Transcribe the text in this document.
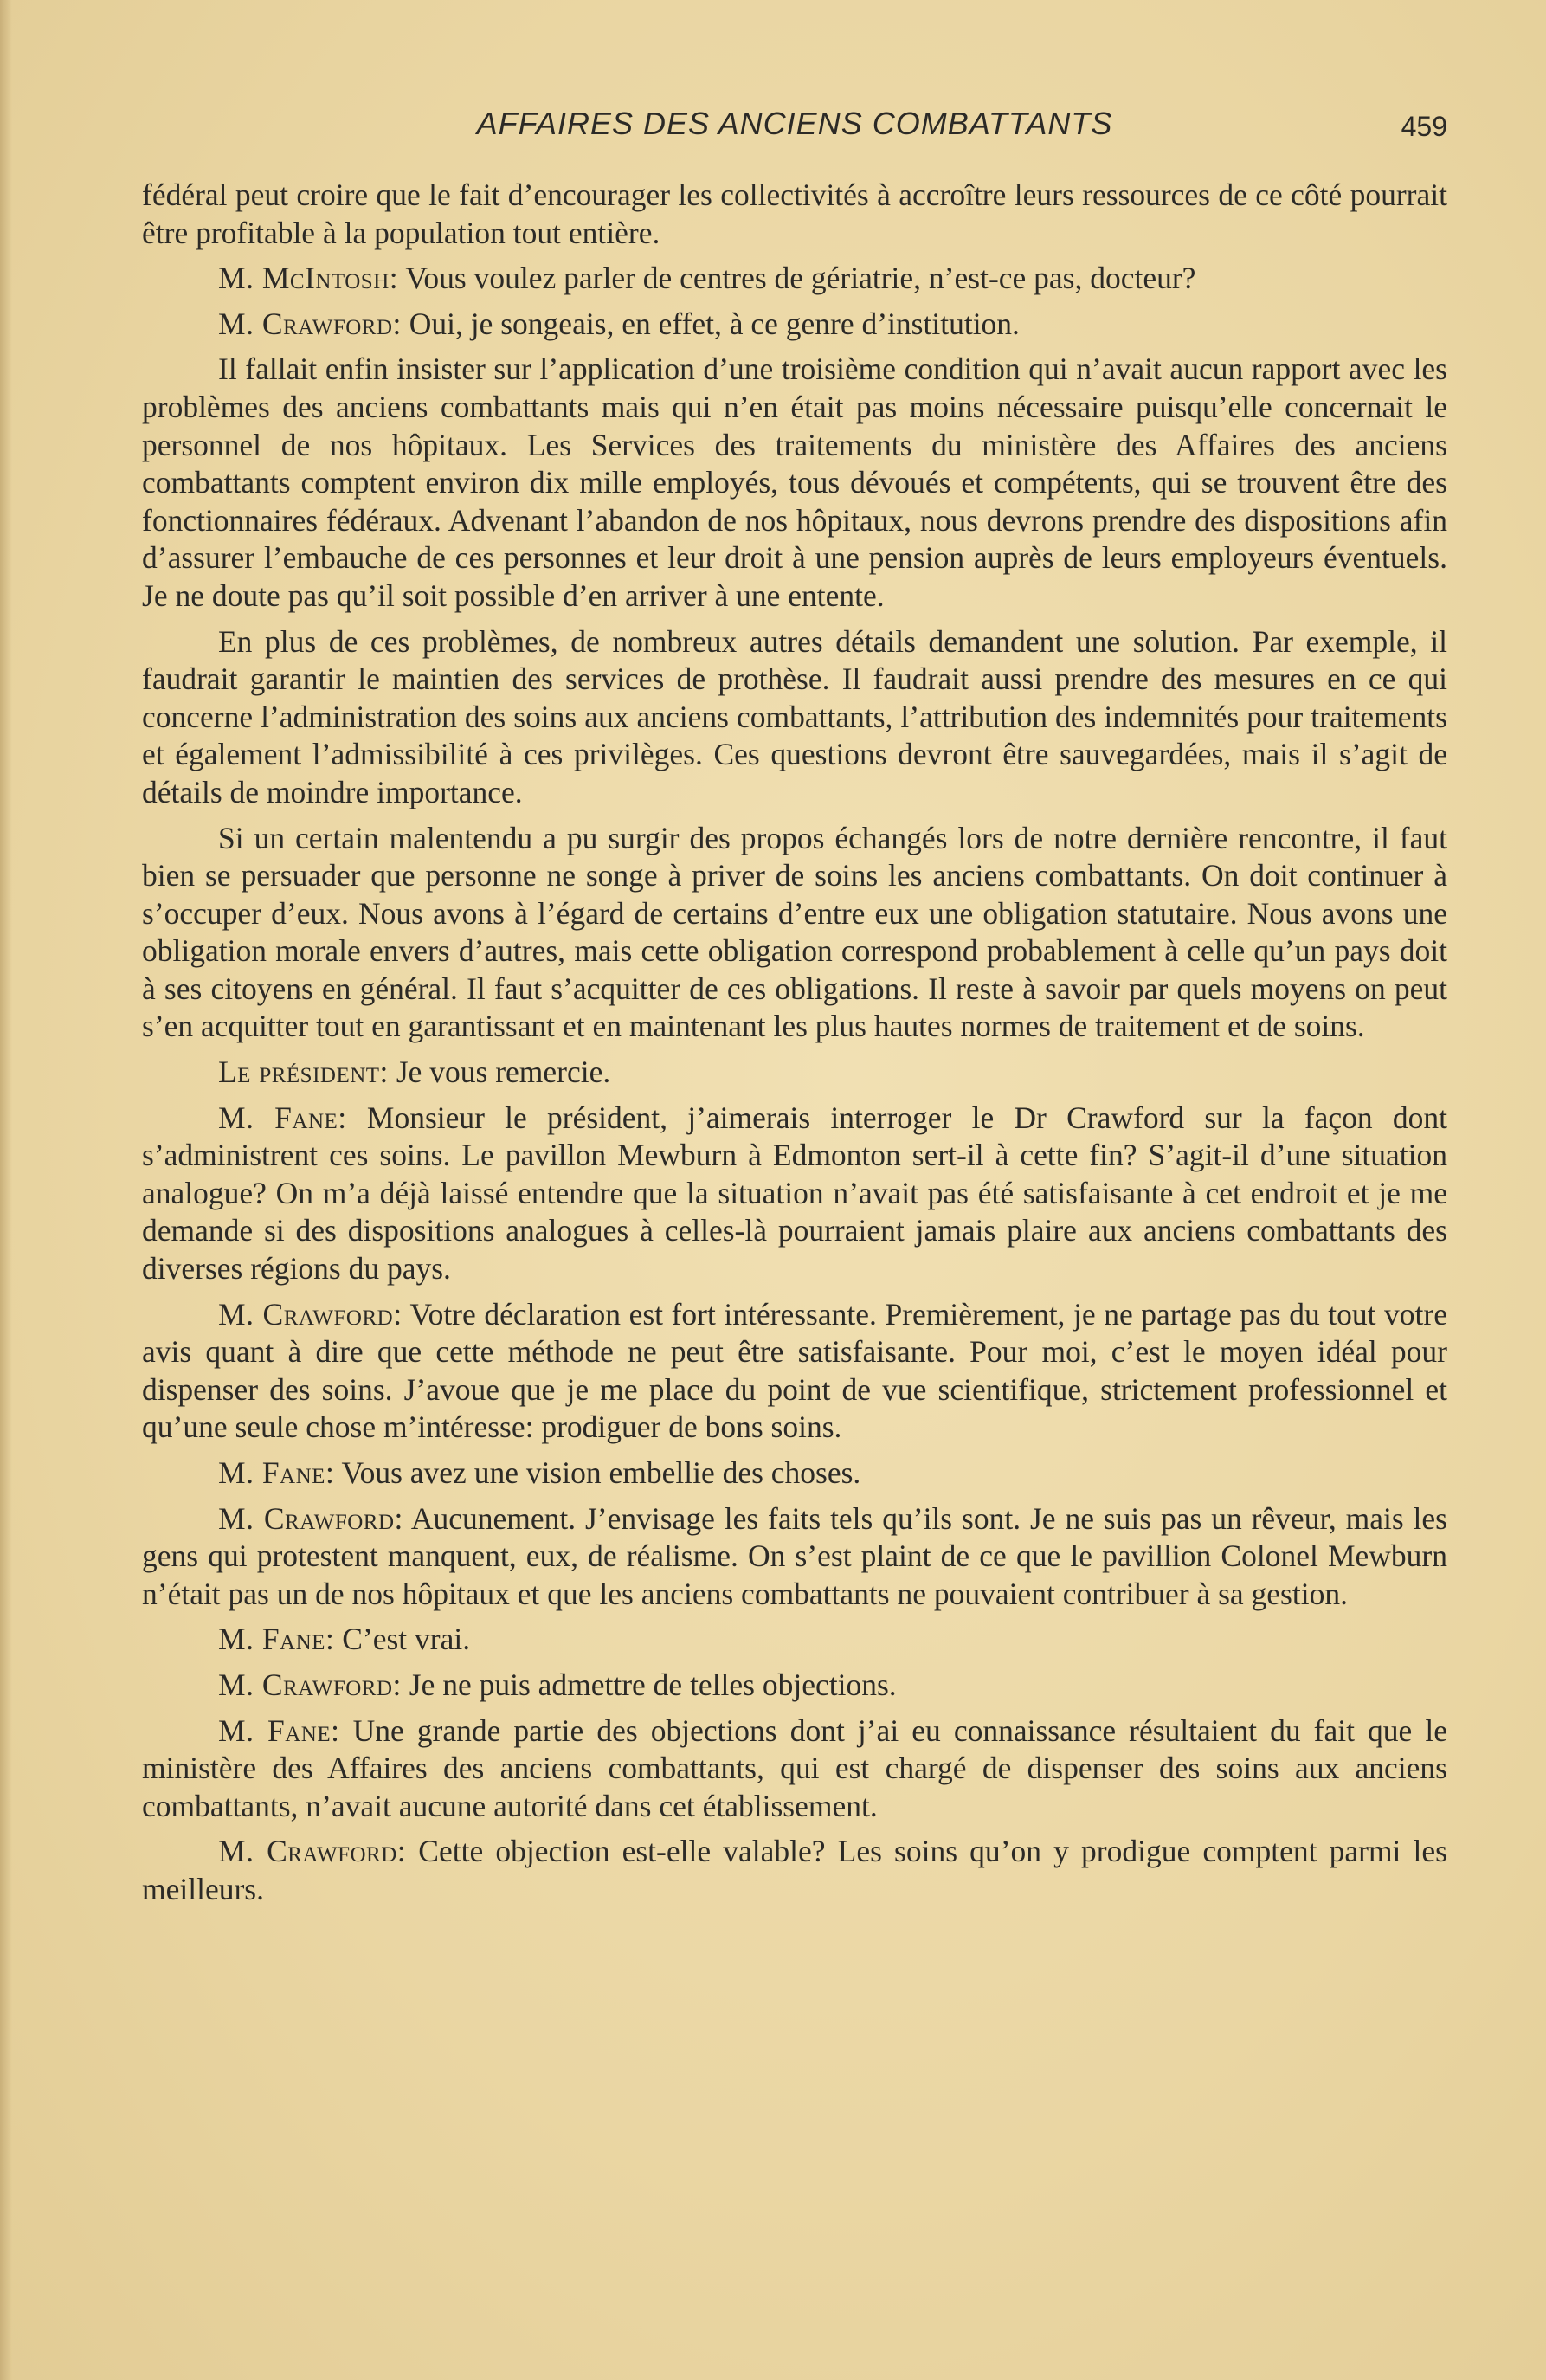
AFFAIRES DES ANCIENS COMBATTANTS	459

fédéral peut croire que le fait d’encourager les collectivités à accroître leurs ressources de ce côté pourrait être profitable à la population tout entière.

M. McIntosh: Vous voulez parler de centres de gériatrie, n’est-ce pas, docteur?

M. Crawford: Oui, je songeais, en effet, à ce genre d’institution.

Il fallait enfin insister sur l’application d’une troisième condition qui n’avait aucun rapport avec les problèmes des anciens combattants mais qui n’en était pas moins nécessaire puisqu’elle concernait le personnel de nos hôpitaux. Les Services des traitements du ministère des Affaires des anciens combattants comptent environ dix mille employés, tous dévoués et compétents, qui se trouvent être des fonctionnaires fédéraux. Advenant l’abandon de nos hôpitaux, nous devrons prendre des dispositions afin d’assurer l’embauche de ces personnes et leur droit à une pension auprès de leurs employeurs éventuels. Je ne doute pas qu’il soit possible d’en arriver à une entente.

En plus de ces problèmes, de nombreux autres détails demandent une solution. Par exemple, il faudrait garantir le maintien des services de prothèse. Il faudrait aussi prendre des mesures en ce qui concerne l’administration des soins aux anciens combattants, l’attribution des indemnités pour traitements et également l’admissibilité à ces privilèges. Ces questions devront être sauvegardées, mais il s’agit de détails de moindre importance.

Si un certain malentendu a pu surgir des propos échangés lors de notre dernière rencontre, il faut bien se persuader que personne ne songe à priver de soins les anciens combattants. On doit continuer à s’occuper d’eux. Nous avons à l’égard de certains d’entre eux une obligation statutaire. Nous avons une obligation morale envers d’autres, mais cette obligation correspond probablement à celle qu’un pays doit à ses citoyens en général. Il faut s’acquitter de ces obligations. Il reste à savoir par quels moyens on peut s’en acquitter tout en garantissant et en maintenant les plus hautes normes de traitement et de soins.

Le président: Je vous remercie.

M. Fane: Monsieur le président, j’aimerais interroger le Dr Crawford sur la façon dont s’administrent ces soins. Le pavillon Mewburn à Edmonton sert-il à cette fin? S’agit-il d’une situation analogue? On m’a déjà laissé entendre que la situation n’avait pas été satisfaisante à cet endroit et je me demande si des dispositions analogues à celles-là pourraient jamais plaire aux anciens combattants des diverses régions du pays.

M. Crawford: Votre déclaration est fort intéressante. Premièrement, je ne partage pas du tout votre avis quant à dire que cette méthode ne peut être satisfaisante. Pour moi, c’est le moyen idéal pour dispenser des soins. J’avoue que je me place du point de vue scientifique, strictement professionnel et qu’une seule chose m’intéresse: prodiguer de bons soins.

M. Fane: Vous avez une vision embellie des choses.

M. Crawford: Aucunement. J’envisage les faits tels qu’ils sont. Je ne suis pas un rêveur, mais les gens qui protestent manquent, eux, de réalisme. On s’est plaint de ce que le pavillion Colonel Mewburn n’était pas un de nos hôpitaux et que les anciens combattants ne pouvaient contribuer à sa gestion.

M. Fane: C’est vrai.

M. Crawford: Je ne puis admettre de telles objections.

M. Fane: Une grande partie des objections dont j’ai eu connaissance résultaient du fait que le ministère des Affaires des anciens combattants, qui est chargé de dispenser des soins aux anciens combattants, n’avait aucune autorité dans cet établissement.

M. Crawford: Cette objection est-elle valable? Les soins qu’on y prodigue comptent parmi les meilleurs.
